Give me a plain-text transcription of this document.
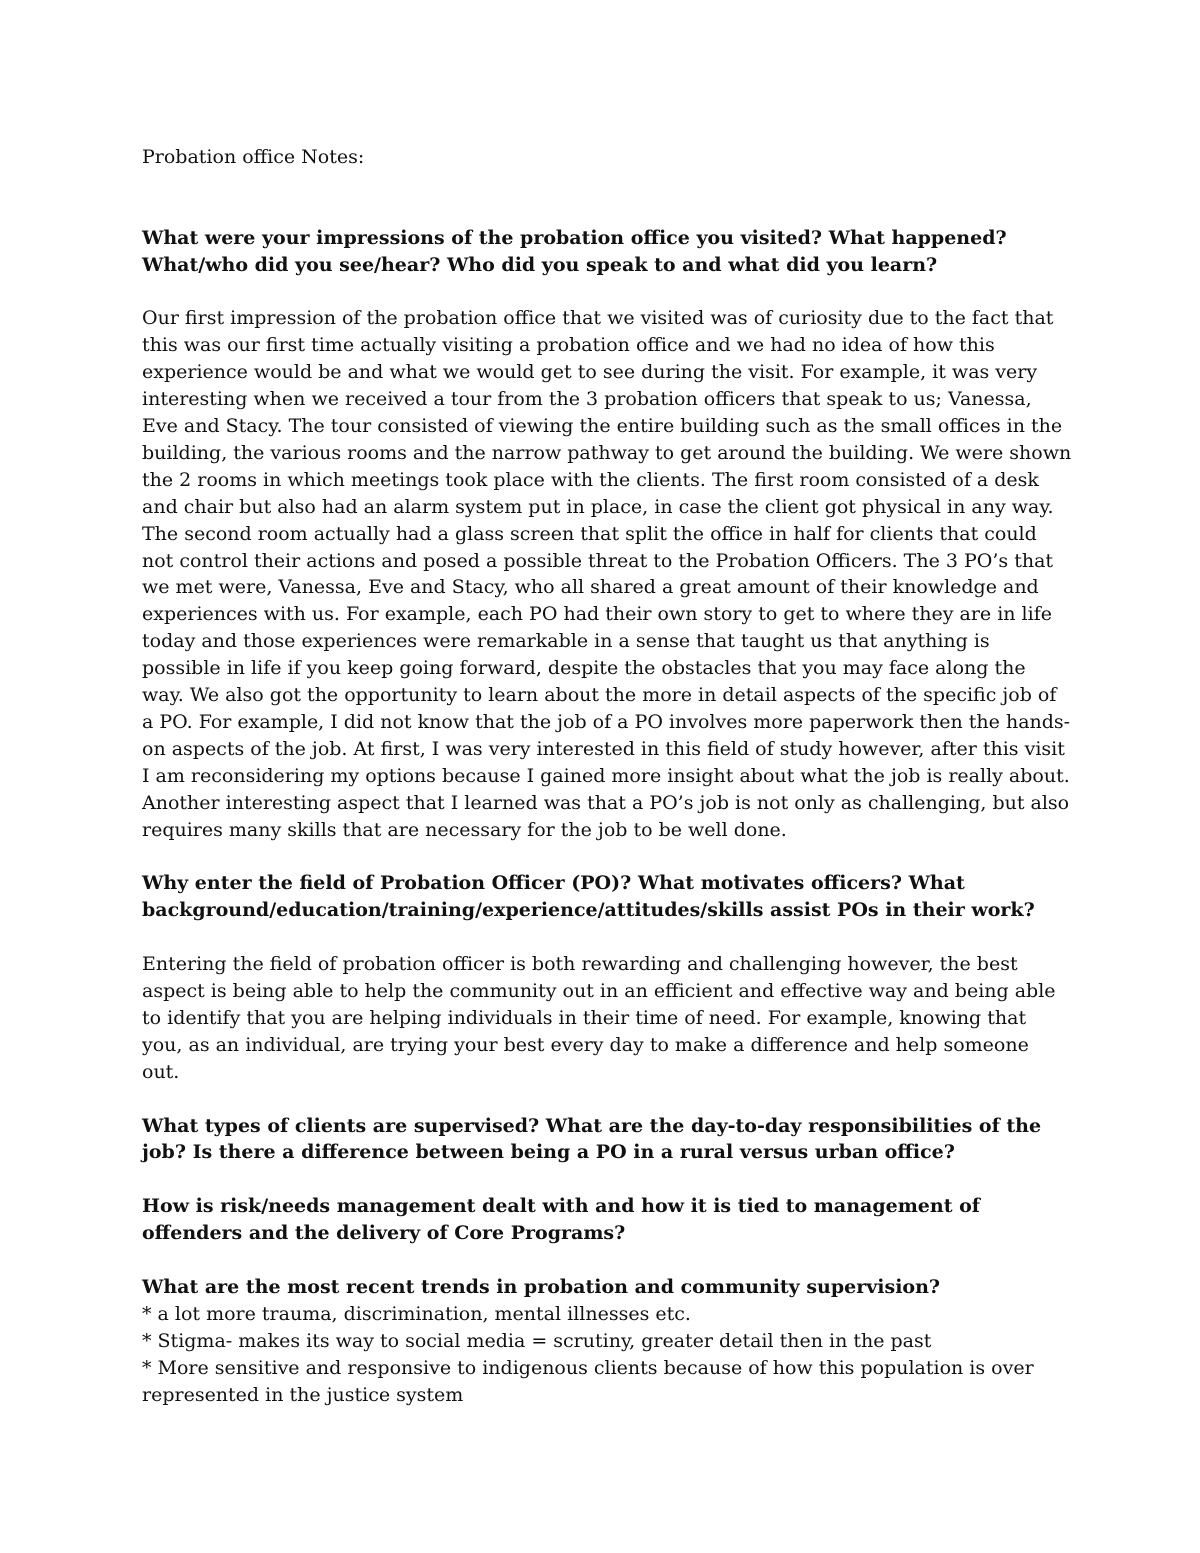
Probation office Notes:

What were your impressions of the probation office you visited? What happened? What/who did you see/hear? Who did you speak to and what did you learn?

Our first impression of the probation office that we visited was of curiosity due to the fact that this was our first time actually visiting a probation office and we had no idea of how this experience would be and what we would get to see during the visit. For example, it was very interesting when we received a tour from the 3 probation officers that speak to us; Vanessa, Eve and Stacy. The tour consisted of viewing the entire building such as the small offices in the building, the various rooms and the narrow pathway to get around the building. We were shown the 2 rooms in which meetings took place with the clients. The first room consisted of a desk and chair but also had an alarm system put in place, in case the client got physical in any way. The second room actually had a glass screen that split the office in half for clients that could not control their actions and posed a possible threat to the Probation Officers. The 3 PO’s that we met were, Vanessa, Eve and Stacy, who all shared a great amount of their knowledge and experiences with us. For example, each PO had their own story to get to where they are in life today and those experiences were remarkable in a sense that taught us that anything is possible in life if you keep going forward, despite the obstacles that you may face along the way. We also got the opportunity to learn about the more in detail aspects of the specific job of a PO. For example, I did not know that the job of a PO involves more paperwork then the hands-on aspects of the job. At first, I was very interested in this field of study however, after this visit I am reconsidering my options because I gained more insight about what the job is really about. Another interesting aspect that I learned was that a PO’s job is not only as challenging, but also requires many skills that are necessary for the job to be well done.

Why enter the field of Probation Officer (PO)? What motivates officers? What background/education/training/experience/attitudes/skills assist POs in their work?

Entering the field of probation officer is both rewarding and challenging however, the best aspect is being able to help the community out in an efficient and effective way and being able to identify that you are helping individuals in their time of need. For example, knowing that you, as an individual, are trying your best every day to make a difference and help someone out.

What types of clients are supervised? What are the day-to-day responsibilities of the job? Is there a difference between being a PO in a rural versus urban office?

How is risk/needs management dealt with and how it is tied to management of offenders and the delivery of Core Programs?

What are the most recent trends in probation and community supervision?

* a lot more trauma, discrimination, mental illnesses etc.
* Stigma- makes its way to social media = scrutiny, greater detail then in the past
* More sensitive and responsive to indigenous clients because of how this population is over represented in the justice system
